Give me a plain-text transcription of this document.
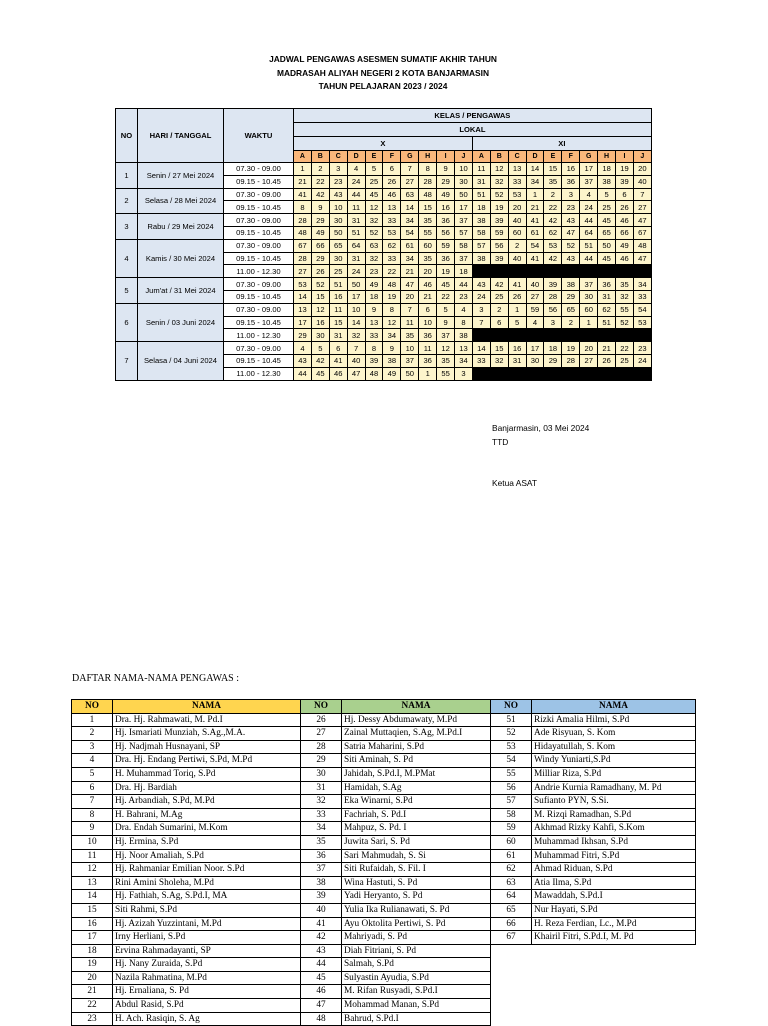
JADWAL PENGAWAS ASESMEN SUMATIF AKHIR TAHUN
MADRASAH ALIYAH NEGERI 2 KOTA BANJARMASIN
TAHUN PELAJARAN 2023 / 2024
NO	HARI / TANGGAL	WAKTU	KELAS / PENGAWAS																			
			LOKAL																			
			X										XI									
			A	B	C	D	E	F	G	H	I	J	A	B	C	D	E	F	G	H	I	J
1	Senin / 27 Mei 2024	07.30 - 09.00	1	2	3	4	5	6	7	8	9	10	11	12	13	14	15	16	17	18	19	20
		09.15 - 10.45	21	22	23	24	25	26	27	28	29	30	31	32	33	34	35	36	37	38	39	40
2	Selasa / 28 Mei 2024	07.30 - 09.00	41	42	43	44	45	46	63	48	49	50	51	52	53	1	2	3	4	5	6	7
		09.15 - 10.45	8	9	10	11	12	13	14	15	16	17	18	19	20	21	22	23	24	25	26	27
3	Rabu / 29 Mei 2024	07.30 - 09.00	28	29	30	31	32	33	34	35	36	37	38	39	40	41	42	43	44	45	46	47
		09.15 - 10.45	48	49	50	51	52	53	54	55	56	57	58	59	60	61	62	47	64	65	66	67
4	Kamis / 30 Mei 2024	07.30 - 09.00	67	66	65	64	63	62	61	60	59	58	57	56	2	54	53	52	51	50	49	48
		09.15 - 10.45	28	29	30	31	32	33	34	35	36	37	38	39	40	41	42	43	44	45	46	47
		11.00 - 12.30	27	26	25	24	23	22	21	20	19	18										
5	Jum'at / 31 Mei 2024	07.30 - 09.00	53	52	51	50	49	48	47	46	45	44	43	42	41	40	39	38	37	36	35	34
		09.15 - 10.45	14	15	16	17	18	19	20	21	22	23	24	25	26	27	28	29	30	31	32	33
6	Senin / 03 Juni 2024	07.30 - 09.00	13	12	11	10	9	8	7	6	5	4	3	2	1	59	56	65	60	62	55	54
		09.15 - 10.45	17	16	15	14	13	12	11	10	9	8	7	6	5	4	3	2	1	51	52	53
		11.00 - 12.30	29	30	31	32	33	34	35	36	37	38										
7	Selasa / 04 Juni 2024	07.30 - 09.00	4	5	6	7	8	9	10	11	12	13	14	15	16	17	18	19	20	21	22	23
		09.15 - 10.45	43	42	41	40	39	38	37	36	35	34	33	32	31	30	29	28	27	26	25	24
		11.00 - 12.30	44	45	46	47	48	49	50	1	55	3										
Banjarmasin, 03 Mei 2024
TTD
Ketua ASAT
DAFTAR NAMA-NAMA PENGAWAS :
NO	NAMA	NO	NAMA	NO	NAMA
1	Dra. Hj. Rahmawati, M. Pd.I	26	Hj. Dessy Abdumawaty, M.Pd	51	Rizki Amalia Hilmi, S.Pd
2	Hj. Ismariati Munziah, S.Ag.,M.A.	27	Zainal Muttaqien, S.Ag, M.Pd.I	52	Ade Risyuan, S. Kom
3	Hj. Nadjmah Husnayani, SP	28	Satria Maharini, S.Pd	53	Hidayatullah, S. Kom
4	Dra. Hj. Endang Pertiwi, S.Pd, M.Pd	29	Siti Aminah, S. Pd	54	Windy Yuniarti,S.Pd
5	H. Muhammad Toriq, S.Pd	30	Jahidah, S.Pd.I, M.PMat	55	Milliar Riza, S.Pd
6	Dra. Hj. Bardiah	31	Hamidah, S.Ag	56	Andrie Kurnia Ramadhany, M. Pd
7	Hj. Arbandiah, S.Pd, M.Pd	32	Eka Winarni, S.Pd	57	Sufianto PYN, S.Si.
8	H. Bahrani, M.Ag	33	Fachriah, S. Pd.I	58	M. Rizqi Ramadhan, S.Pd
9	Dra. Endah Sumarini, M.Kom	34	Mahpuz, S. Pd. I	59	Akhmad Rizky Kahfi, S.Kom
10	Hj. Ermina, S.Pd	35	Juwita Sari, S. Pd	60	Muhammad Ikhsan, S.Pd
11	Hj. Noor Amaliah, S.Pd	36	Sari Mahmudah, S. Si	61	Muhammad Fitri, S.Pd
12	Hj. Rahmaniar Emilian Noor. S.Pd	37	Siti Rufaidah, S. Fil. I	62	Ahmad Riduan, S.Pd
13	Rini Amini Sholeha, M.Pd	38	Wina Hastuti, S. Pd	63	Atia Ilma, S.Pd
14	Hj. Fathiah, S.Ag, S.Pd.I, MA	39	Yadi Heryanto, S. Pd	64	Mawaddah, S.Pd.I
15	Siti Rahmi, S.Pd	40	Yulia Ika Rulianawati, S. Pd	65	Nur Hayati, S.Pd
16	Hj. Azizah Yuzzintani, M.Pd	41	Ayu Oktolita Pertiwi, S. Pd	66	H. Reza Ferdian, Lc., M.Pd
17	Irny Herliani, S.Pd	42	Mahriyadi, S. Pd	67	Khairil Fitri, S.Pd.I, M. Pd
18	Ervina Rahmadayanti, SP	43	Diah Fitriani, S. Pd		
19	Hj. Nany Zuraida, S.Pd	44	Salmah, S.Pd		
20	Nazila Rahmatina, M.Pd	45	Sulyastin Ayudia, S.Pd		
21	Hj. Ernaliana, S. Pd	46	M. Rifan Rusyadi, S.Pd.I		
22	Abdul Rasid, S.Pd	47	Mohammad Manan, S.Pd		
23	H. Ach. Rasiqin, S. Ag	48	Bahrud, S.Pd.I		
